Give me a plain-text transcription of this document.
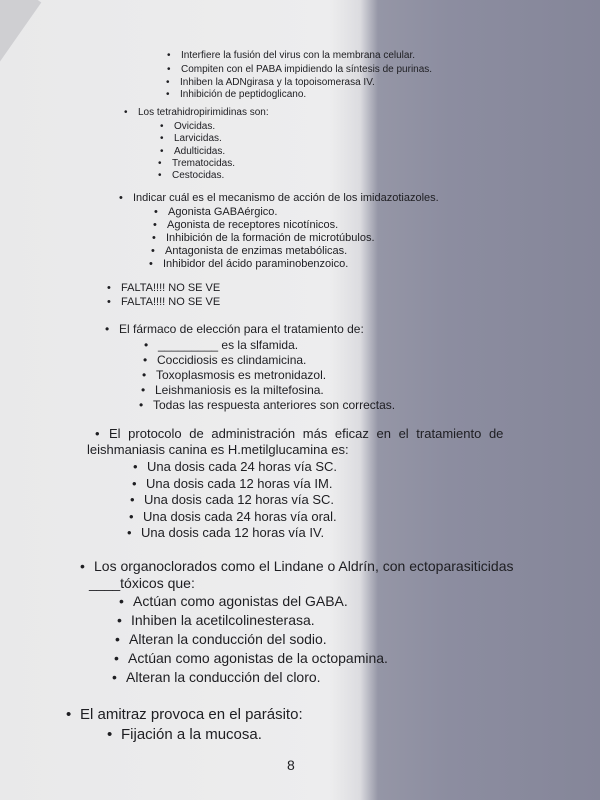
• Interfiere la fusión del virus con la membrana celular.
• Compiten con el PABA impidiendo la síntesis de purinas.
• Inhiben la ADNgirasa y la topoisomerasa IV.
• Inhibición de peptidoglicano.
• Los tetrahidropirimidinas son:
• Ovicidas.
• Larvicidas.
• Adulticidas.
• Trematocidas.
• Cestocidas.
• Indicar cuál es el mecanismo de acción de los imidazotiazoles.
• Agonista GABAérgico.
• Agonista de receptores nicotínicos.
• Inhibición de la formación de microtúbulos.
• Antagonista de enzimas metabólicas.
• Inhibidor del ácido paraminobenzoico.
• FALTA!!!! NO SE VE
• FALTA!!!! NO SE VE
• El fármaco de elección para el tratamiento de:
• _________ es la slfamida.
• Coccidiosis es clindamicina.
• Toxoplasmosis es metronidazol.
• Leishmaniosis es la miltefosina.
• Todas las respuesta anteriores son correctas.
• El protocolo de administración más eficaz en el tratamiento de
leishmaniasis canina es H.metilglucamina es:
• Una dosis cada 24 horas vía SC.
• Una dosis cada 12 horas vía IM.
• Una dosis cada 12 horas vía SC.
• Una dosis cada 24 horas vía oral.
• Una dosis cada 12 horas vía IV.
• Los organoclorados como el Lindane o Aldrín, con ectoparasiticidas
____tóxicos que:
• Actúan como agonistas del GABA.
• Inhiben la acetilcolinesterasa.
• Alteran la conducción del sodio.
• Actúan como agonistas de la octopamina.
• Alteran la conducción del cloro.
• El amitraz provoca en el parásito:
• Fijación a la mucosa.
8
